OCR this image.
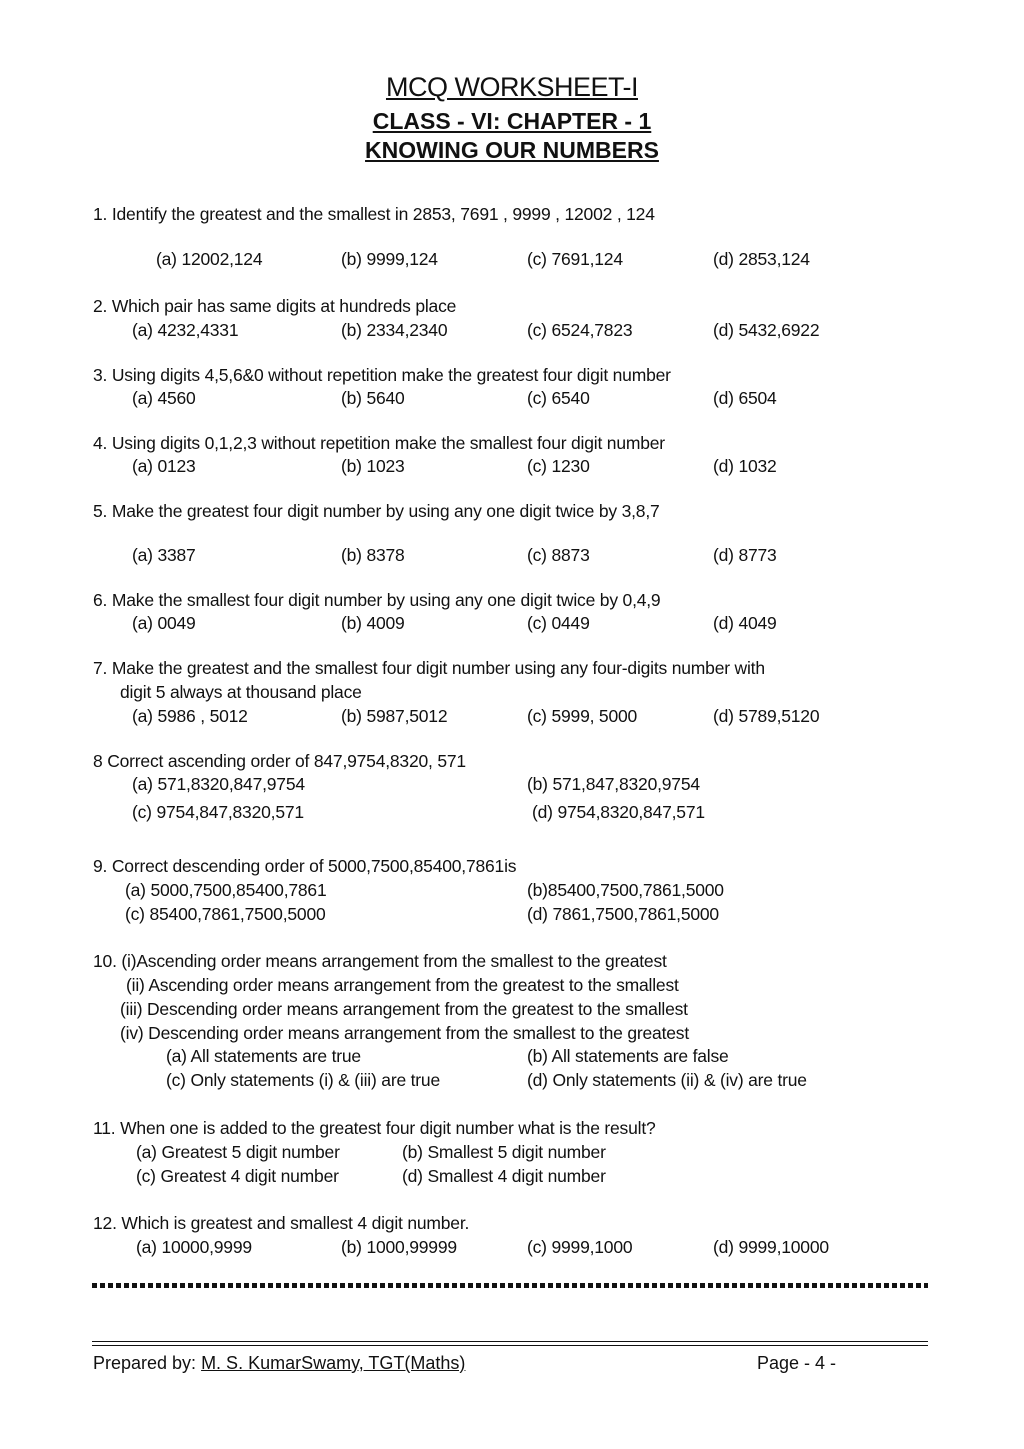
MCQ WORKSHEET-I
CLASS - VI: CHAPTER - 1
KNOWING OUR NUMBERS
1. Identify the greatest and the smallest in 2853, 7691 , 9999 , 12002 , 124
(a) 12002,124	(b) 9999,124	(c) 7691,124	(d) 2853,124
2. Which pair has same digits at hundreds place
(a) 4232,4331	(b) 2334,2340	(c) 6524,7823	(d) 5432,6922
3. Using digits 4,5,6&0 without repetition make the greatest four digit number
(a) 4560	(b) 5640	(c) 6540	(d) 6504
4. Using digits 0,1,2,3 without repetition make the smallest four digit number
(a) 0123	(b) 1023	(c) 1230	(d) 1032
5. Make the greatest four digit number by using any one digit twice by 3,8,7
(a) 3387	(b) 8378	(c) 8873	(d) 8773
6. Make the smallest four digit number by using any one digit twice by 0,4,9
(a) 0049	(b) 4009	(c) 0449	(d) 4049
7. Make the greatest and the smallest four digit number using any four-digits number with
digit 5 always at thousand place
(a) 5986 , 5012	(b) 5987,5012	(c) 5999, 5000	(d) 5789,5120
8 Correct ascending order of 847,9754,8320, 571
(a) 571,8320,847,9754	(b) 571,847,8320,9754
(c) 9754,847,8320,571	(d) 9754,8320,847,571
9. Correct descending order of 5000,7500,85400,7861is
(a) 5000,7500,85400,7861	(b)85400,7500,7861,5000
(c) 85400,7861,7500,5000	(d) 7861,7500,7861,5000
10. (i)Ascending order means arrangement from the smallest to the greatest
(ii) Ascending order means arrangement from the greatest to the smallest
(iii) Descending order means arrangement from the greatest to the smallest
(iv) Descending order means arrangement from the smallest to the greatest
(a) All statements are true	(b) All statements are false
(c) Only statements (i) & (iii) are true	(d) Only statements (ii) & (iv) are true
11. When one is added to the greatest four digit number what is the result?
(a) Greatest 5 digit number	(b) Smallest 5 digit number
(c) Greatest 4 digit number	(d) Smallest 4 digit number
12. Which is greatest and smallest 4 digit number.
(a) 10000,9999	(b) 1000,99999	(c) 9999,1000	(d) 9999,10000
Prepared by: M. S. KumarSwamy, TGT(Maths)	Page - 4 -
